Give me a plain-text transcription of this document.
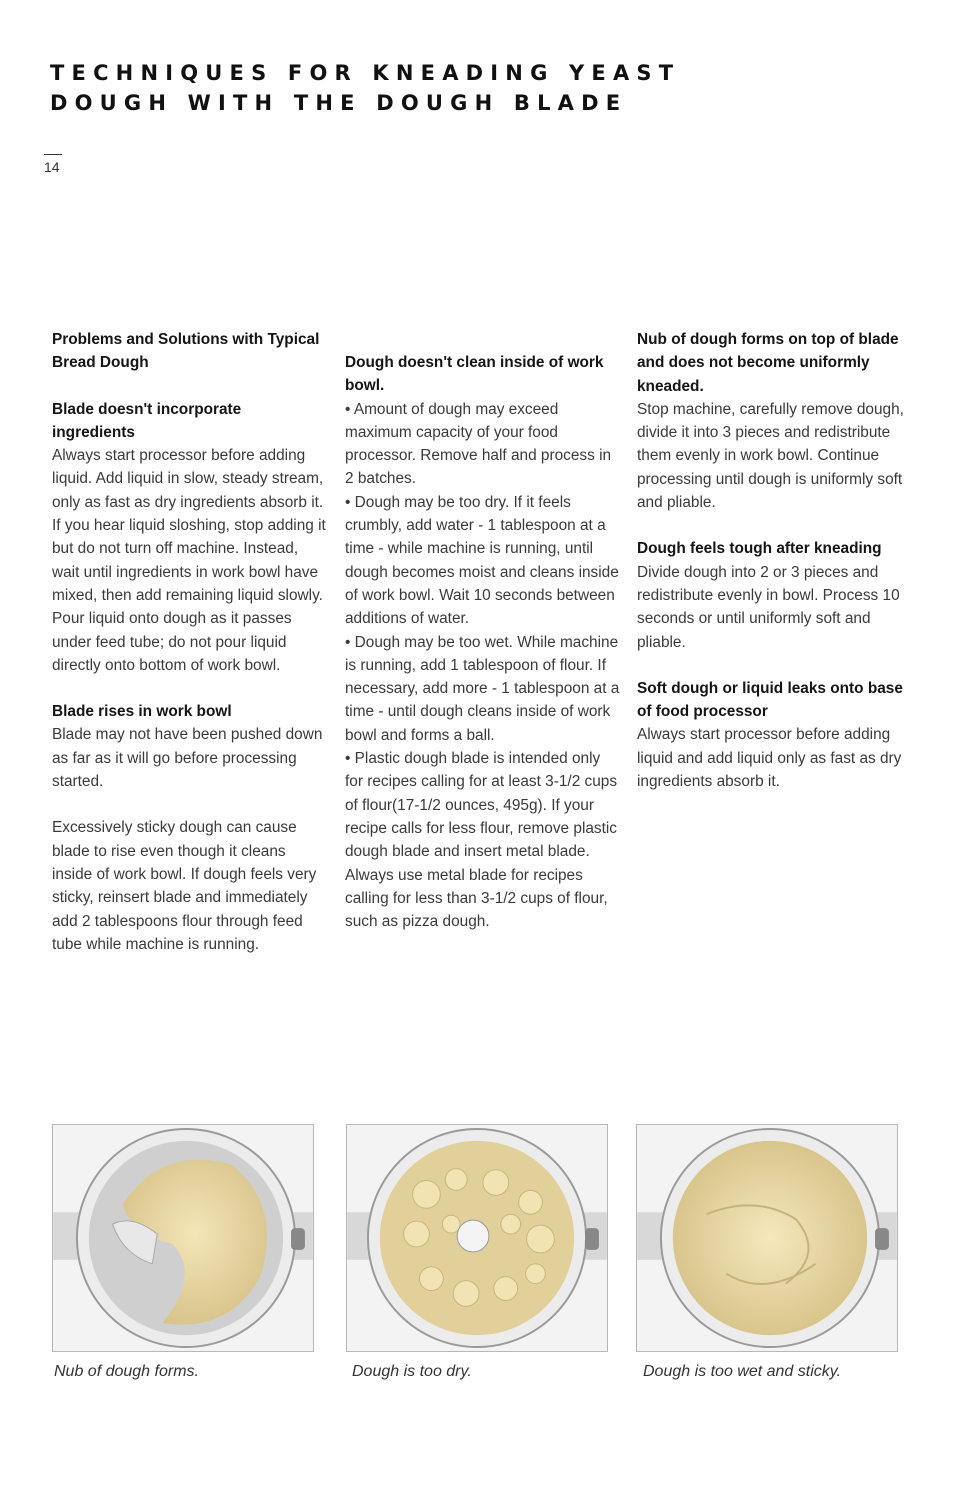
TECHNIQUES FOR KNEADING YEAST
DOUGH WITH THE DOUGH BLADE
14

Problems and Solutions with Typical Bread Dough

Blade doesn't incorporate ingredients

Always start processor before adding liquid. Add liquid in slow, steady stream, only as fast as dry ingredients absorb it. If you hear liquid sloshing, stop adding it but do not turn off machine. Instead, wait until ingredients in work bowl have mixed, then add remaining liquid slowly. Pour liquid onto dough as it passes under feed tube; do not pour liquid directly onto bottom of work bowl.

Blade rises in work bowl

Blade may not have been pushed down as far as it will go before processing started.

Excessively sticky dough can cause blade to rise even though it cleans inside of work bowl. If dough feels very sticky, reinsert blade and immediately add 2 tablespoons flour through feed tube while machine is running.

Dough doesn't clean inside of work bowl.

• Amount of dough may exceed maximum capacity of your food processor. Remove half and process in 2 batches.

• Dough may be too dry. If it feels crumbly, add water - 1 tablespoon at a time - while machine is running, until dough becomes moist and cleans inside of work bowl. Wait 10 seconds between additions of water.

• Dough may be too wet. While machine is running, add 1 tablespoon of flour. If necessary, add more - 1 tablespoon at a time - until dough cleans inside of work bowl and forms a ball.

• Plastic dough blade is intended only for recipes calling for at least 3-1/2 cups of flour(17-1/2 ounces, 495g). If your recipe calls for less flour, remove plastic dough blade and insert metal blade. Always use metal blade for recipes calling for less than 3-1/2 cups of flour, such as pizza dough.

Nub of dough forms on top of blade and does not become uniformly kneaded.

Stop machine, carefully remove dough, divide it into 3 pieces and redistribute them evenly in work bowl. Continue processing until dough is uniformly soft and pliable.

Dough feels tough after kneading

Divide dough into 2 or 3 pieces and redistribute evenly in bowl. Process 10 seconds or until uniformly soft and pliable.

Soft dough or liquid leaks onto base of food processor

Always start processor before adding liquid and add liquid only as fast as dry ingredients absorb it.

Nub of dough forms.	Dough is too dry.	Dough is too wet and sticky.
